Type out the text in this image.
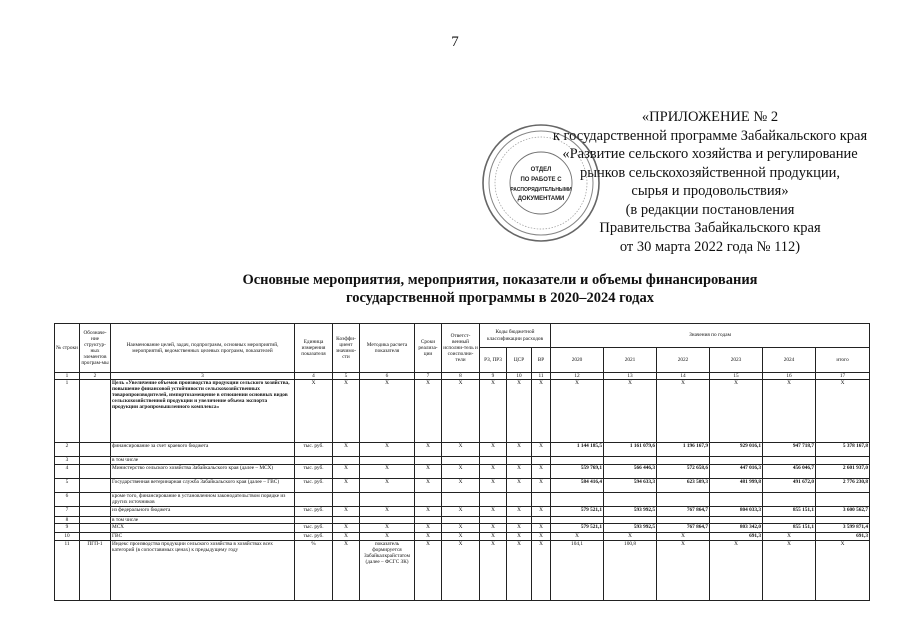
7
«ПРИЛОЖЕНИЕ № 2
к государственной программе Забайкальского края
«Развитие сельского хозяйства и регулирование
рынков сельскохозяйственной продукции,
сырья и продовольствия»
(в редакции постановления
Правительства Забайкальского края
от 30 марта 2022 года № 112)
ОТДЕЛ
ПО РАБОТЕ С
РАСПОРЯДИТЕЛЬНЫМИ
ДОКУМЕНТАМИ
Основные мероприятия, мероприятия, показатели и объемы финансирования
государственной программы в 2020–2024 годах
№ строки	Обозначе-ние структур-ных элементов програм-мы	Наименование целей, задач, подпрограмм, основных мероприятий, мероприятий, ведомственных целевых программ, показателей	Единица измерения показателя	Коэффи-циент значимо-сти	Методика расчета показателя	Сроки реализа-ции	Ответст-венный исполни-тель и соисполни-тели	Коды бюджетной классификации расходов			Значения по годам					
								РЗ, ПР3	ЦСР	ВР	2020	2021	2022	2023	2024	итого
1	2	3	4	5	6	7	8	9	10	11	12	13	14	15	16	17
1		Цель «Увеличение объемов производства продукции сельского хозяйства, повышение финансовой устойчивости сельскохозяйственных товаропроизводителей, импортозамещение в отношении основных видов сельскохозяйственной продукции и увеличение объема экспорта продукции агропромышленного комплекса»	Х	Х	Х	Х	Х	Х	Х	Х	Х	Х	Х	Х	Х	Х
2		финансирование за счет краевого бюджета	тыс. руб.	Х	Х	Х	Х	Х	Х	Х	1 144 185,5	1 161 079,6	1 196 167,9	929 016,1	947 718,7	5 378 167,8
3		в том числе														
4		Министерство сельского хозяйства Забайкальского края (далее – МСХ)	тыс. руб.	Х	Х	Х	Х	Х	Х	Х	559 769,1	566 446,3	572 658,6	447 016,3	456 046,7	2 601 937,0
5		Государственная ветеринарная служба Забайкальского края (далее – ГВС)	тыс. руб.	Х	Х	Х	Х	Х	Х	Х	584 416,4	594 633,3	623 509,3	481 999,8	491 672,0	2 776 230,8
6		кроме того, финансирование в установленном законодательством порядке из других источников														
7		из федерального бюджета	тыс. руб.	Х	Х	Х	Х	Х	Х	Х	579 521,1	593 992,5	767 864,7	804 033,3	855 151,1	3 600 562,7
8		в том числе														
9		МСХ	тыс. руб.	Х	Х	Х	Х	Х	Х	Х	579 521,1	593 992,5	767 864,7	803 342,0	855 151,1	3 599 871,4
10		ГВС	тыс. руб.	Х	Х	Х	Х	Х	Х	Х	Х	Х	Х	691,3	Х	691,3
11	ПГП-1	Индекс производства продукции сельского хозяйства в хозяйствах всех категорий (в сопоставимых ценах) к предыдущему году	%	Х	показатель формируется Забайкалкрайстатом (далее – ФСГС ЗК)	Х	Х	Х	Х	Х	104,1	100,8	Х	Х	Х	Х
